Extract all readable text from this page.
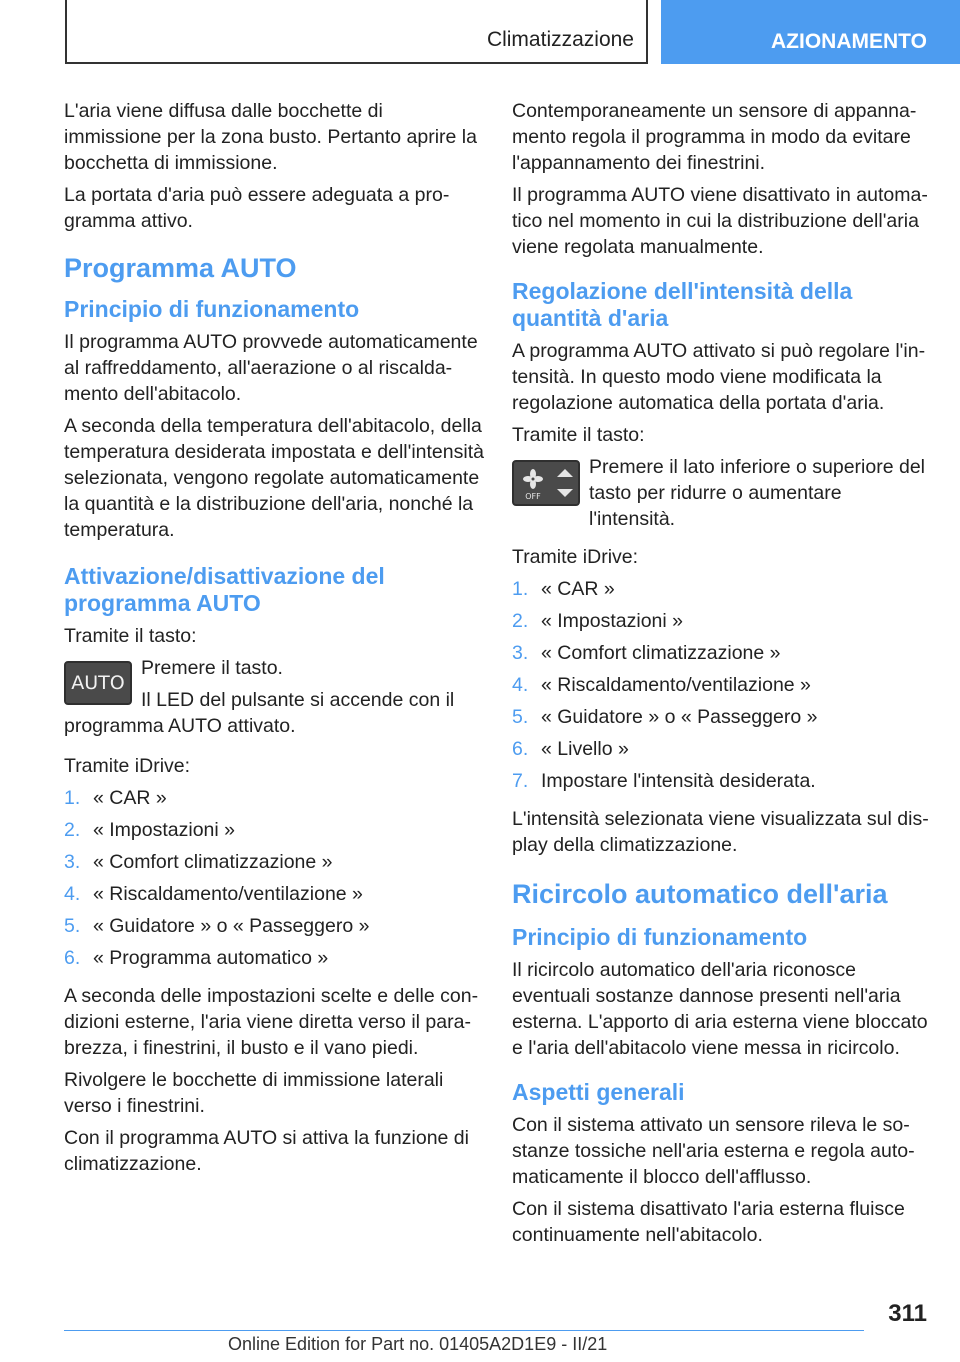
Climatizzazione	AZIONAMENTO

L'aria viene diffusa dalle bocchette di immissione per la zona busto. Pertanto aprire la bocchetta di immissione.

La portata d'aria può essere adeguata a programma attivo.

Programma AUTO
Principio di funzionamento

Il programma AUTO provvede automaticamente al raffreddamento, all'aerazione o al riscaldamento dell'abitacolo.

A seconda della temperatura dell'abitacolo, della temperatura desiderata impostata e dell'intensità selezionata, vengono regolate automaticamente la quantità e la distribuzione dell'aria, nonché la temperatura.

Attivazione/disattivazione del programma AUTO

Tramite il tasto:

AUTO
Premere il tasto.
Il LED del pulsante si accende con il programma AUTO attivato.

Tramite iDrive:

1. « CAR »
2. « Impostazioni »
3. « Comfort climatizzazione »
4. « Riscaldamento/ventilazione »
5. « Guidatore » o « Passeggero »
6. « Programma automatico »

A seconda delle impostazioni scelte e delle condizioni esterne, l'aria viene diretta verso il parabrezza, i finestrini, il busto e il vano piedi.

Rivolgere le bocchette di immissione laterali verso i finestrini.

Con il programma AUTO si attiva la funzione di climatizzazione.

Contemporaneamente un sensore di appannamento regola il programma in modo da evitare l'appannamento dei finestrini.

Il programma AUTO viene disattivato in automatico nel momento in cui la distribuzione dell'aria viene regolata manualmente.

Regolazione dell'intensità della quantità d'aria

A programma AUTO attivato si può regolare l'intensità. In questo modo viene modificata la regolazione automatica della portata d'aria.

Tramite il tasto:

OFF
Premere il lato inferiore o superiore del tasto per ridurre o aumentare l'intensità.

Tramite iDrive:

1. « CAR »
2. « Impostazioni »
3. « Comfort climatizzazione »
4. « Riscaldamento/ventilazione »
5. « Guidatore » o « Passeggero »
6. « Livello »
7. Impostare l'intensità desiderata.

L'intensità selezionata viene visualizzata sul display della climatizzazione.

Ricircolo automatico dell'aria
Principio di funzionamento

Il ricircolo automatico dell'aria riconosce eventuali sostanze dannose presenti nell'aria esterna. L'apporto di aria esterna viene bloccato e l'aria dell'abitacolo viene messa in ricircolo.

Aspetti generali

Con il sistema attivato un sensore rileva le sostanze tossiche nell'aria esterna e regola automaticamente il blocco dell'afflusso.

Con il sistema disattivato l'aria esterna fluisce continuamente nell'abitacolo.

311
Online Edition for Part no. 01405A2D1E9 - II/21
